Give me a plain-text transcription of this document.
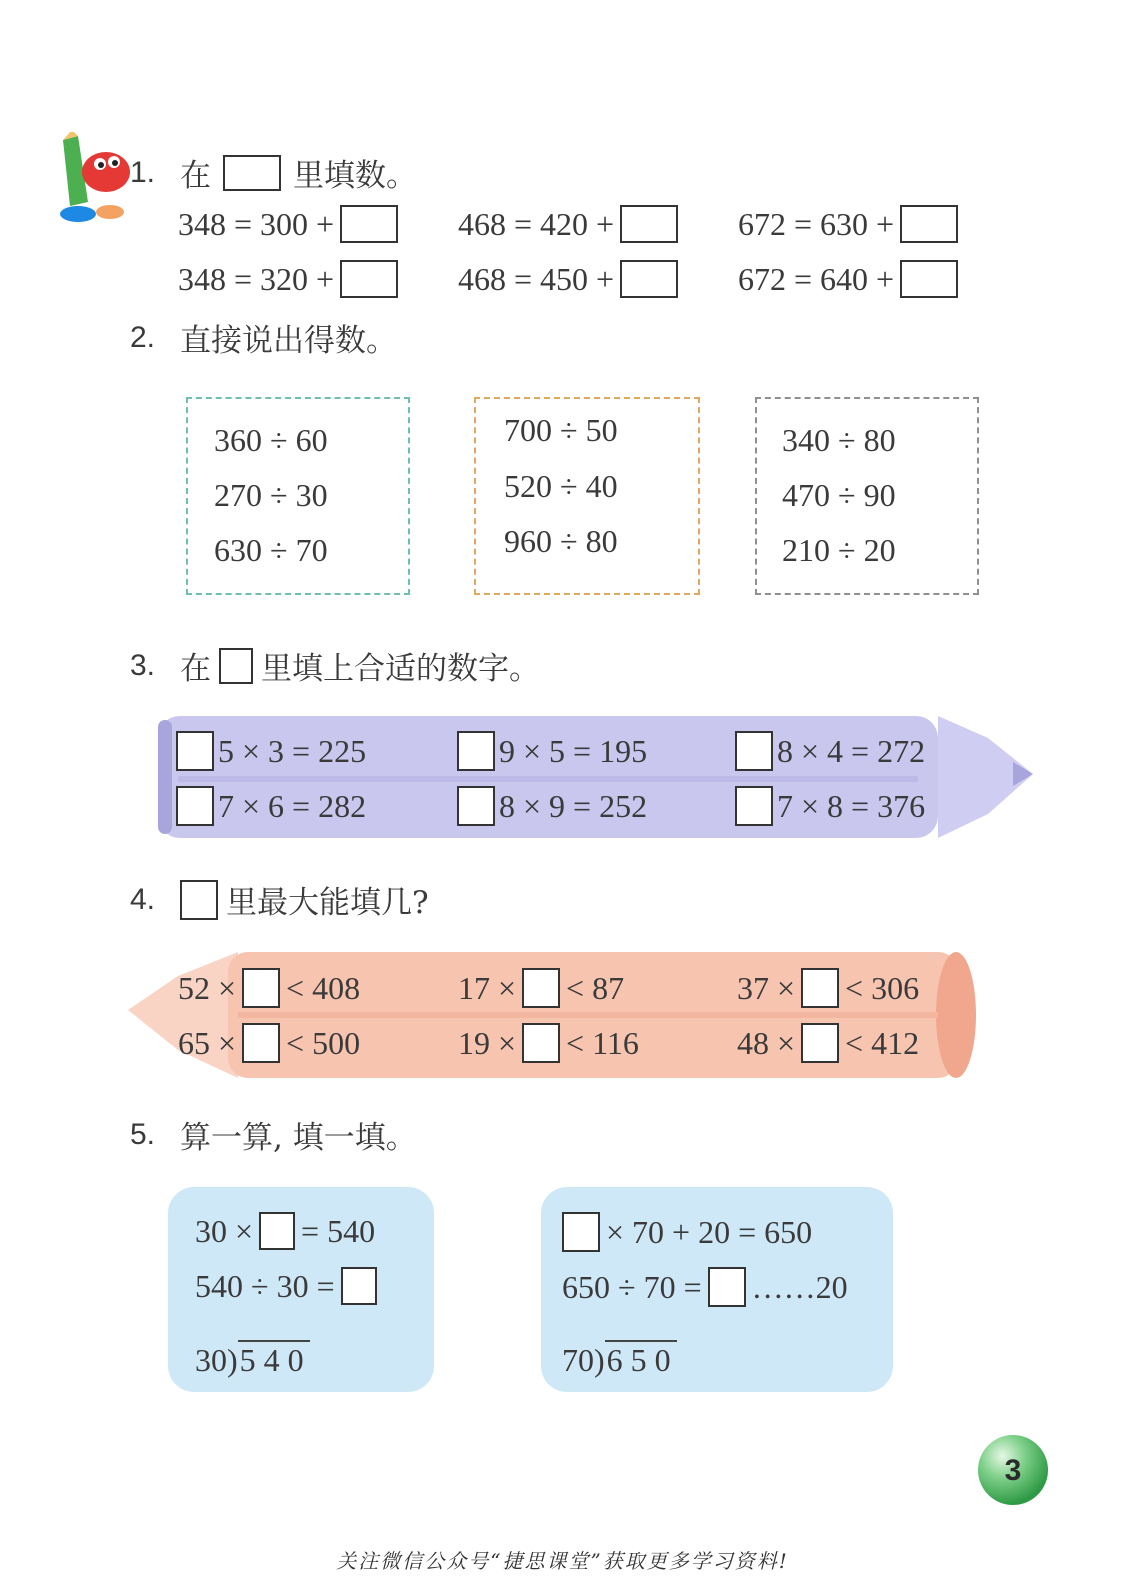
1. 在	里填数。
348 = 300 +	468 = 420 +	672 = 630 +
348 = 320 +	468 = 450 +	672 = 640 +
2. 直接说出得数。
360 ÷ 60
270 ÷ 30
630 ÷ 70
700 ÷ 50
520 ÷ 40
960 ÷ 80
340 ÷ 80
470 ÷ 90
210 ÷ 20
3. 在 里填上合适的数字。
5 × 3 = 225	9 × 5 = 195	8 × 4 = 272
7 × 6 = 282	8 × 9 = 252	7 × 8 = 376
4.	里最大能填几?
52 × < 408	17 × < 87	37 × < 306
65 × < 500	19 × < 116	48 × < 412
5. 算一算, 填一填。
30 × = 540
540 ÷ 30 =
30)5 4 0
× 70 + 20 = 650
650 ÷ 70 = ……20
70)6 5 0
3
关注微信公众号“捷思课堂”获取更多学习资料!
